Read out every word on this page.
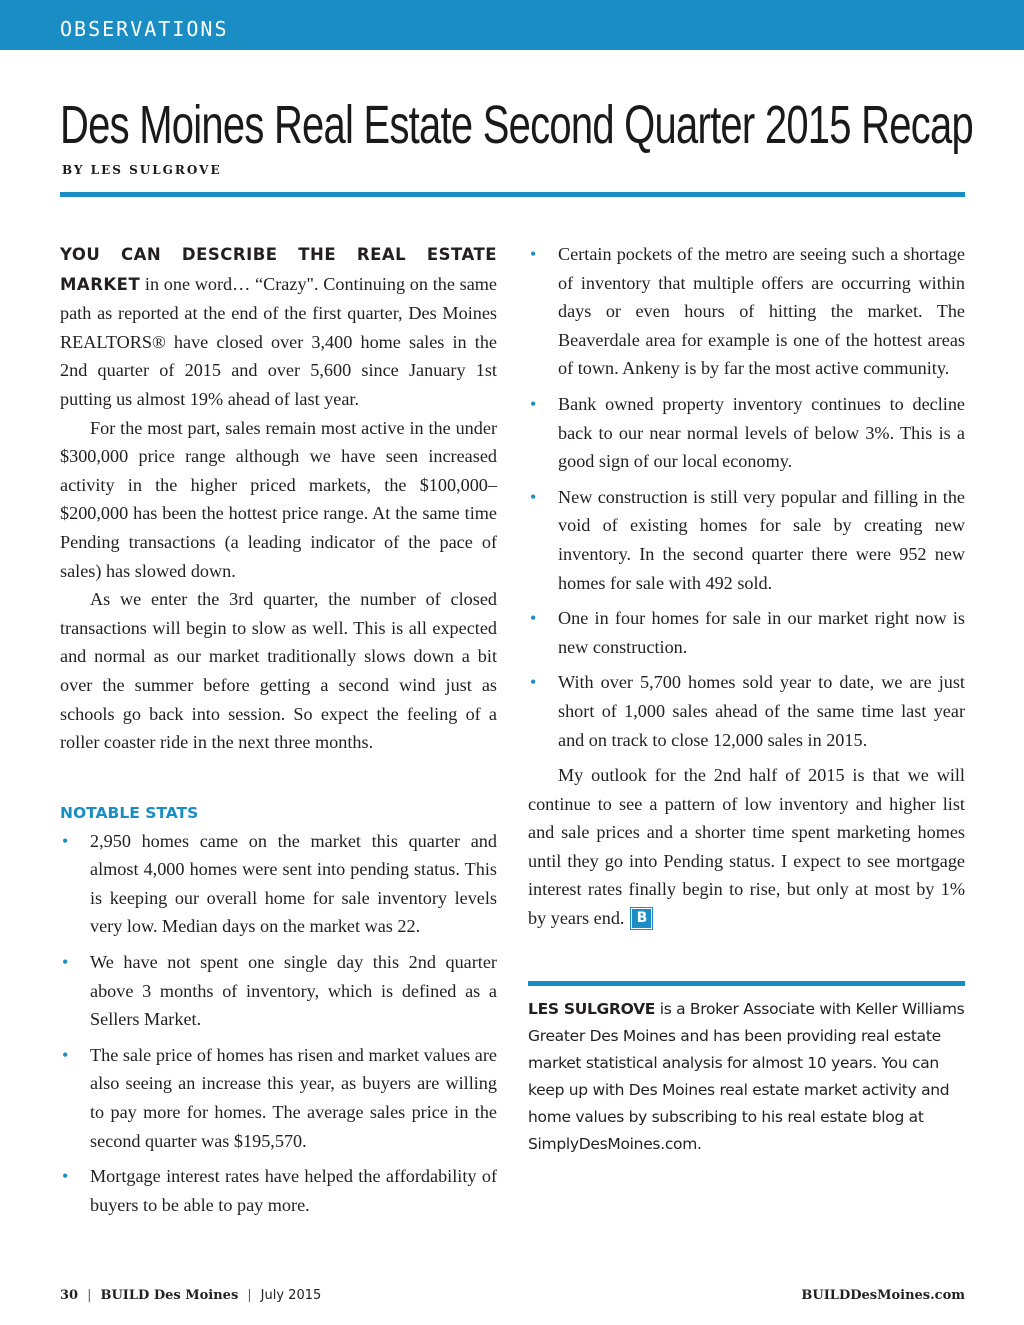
OBSERVATIONS
Des Moines Real Estate Second Quarter 2015 Recap
BY LES SULGROVE

YOU CAN DESCRIBE THE REAL ESTATE MARKET in one word… “Crazy". Continuing on the same path as reported at the end of the first quarter, Des Moines REALTORS® have closed over 3,400 home sales in the 2nd quarter of 2015 and over 5,600 since January 1st putting us almost 19% ahead of last year.

For the most part, sales remain most active in the under $300,000 price range although we have seen increased activity in the higher priced markets, the $100,000–$200,000 has been the hottest price range. At the same time Pending transactions (a leading indicator of the pace of sales) has slowed down.

As we enter the 3rd quarter, the number of closed transactions will begin to slow as well. This is all expected and normal as our market traditionally slows down a bit over the summer before getting a second wind just as schools go back into session. So expect the feeling of a roller coaster ride in the next three months.

NOTABLE STATS
• 2,950 homes came on the market this quarter and almost 4,000 homes were sent into pending status. This is keeping our overall home for sale inventory levels very low. Median days on the market was 22.
• We have not spent one single day this 2nd quarter above 3 months of inventory, which is defined as a Sellers Market.
• The sale price of homes has risen and market values are also seeing an increase this year, as buyers are willing to pay more for homes. The average sales price in the second quarter was $195,570.
• Mortgage interest rates have helped the affordability of buyers to be able to pay more.
• Certain pockets of the metro are seeing such a shortage of inventory that multiple offers are occurring within days or even hours of hitting the market. The Beaverdale area for example is one of the hottest areas of town. Ankeny is by far the most active community.
• Bank owned property inventory continues to decline back to our near normal levels of below 3%. This is a good sign of our local economy.
• New construction is still very popular and filling in the void of existing homes for sale by creating new inventory. In the second quarter there were 952 new homes for sale with 492 sold.
• One in four homes for sale in our market right now is new construction.
• With over 5,700 homes sold year to date, we are just short of 1,000 sales ahead of the same time last year and on track to close 12,000 sales in 2015.

My outlook for the 2nd half of 2015 is that we will continue to see a pattern of low inventory and higher list and sale prices and a shorter time spent marketing homes until they go into Pending status. I expect to see mortgage interest rates finally begin to rise, but only at most by 1% by years end. B

LES SULGROVE is a Broker Associate with Keller Williams Greater Des Moines and has been providing real estate market statistical analysis for almost 10 years. You can keep up with Des Moines real estate market activity and home values by subscribing to his real estate blog at SimplyDesMoines.com.

30 | BUILD Des Moines | July 2015	BUILDDesMoines.com
